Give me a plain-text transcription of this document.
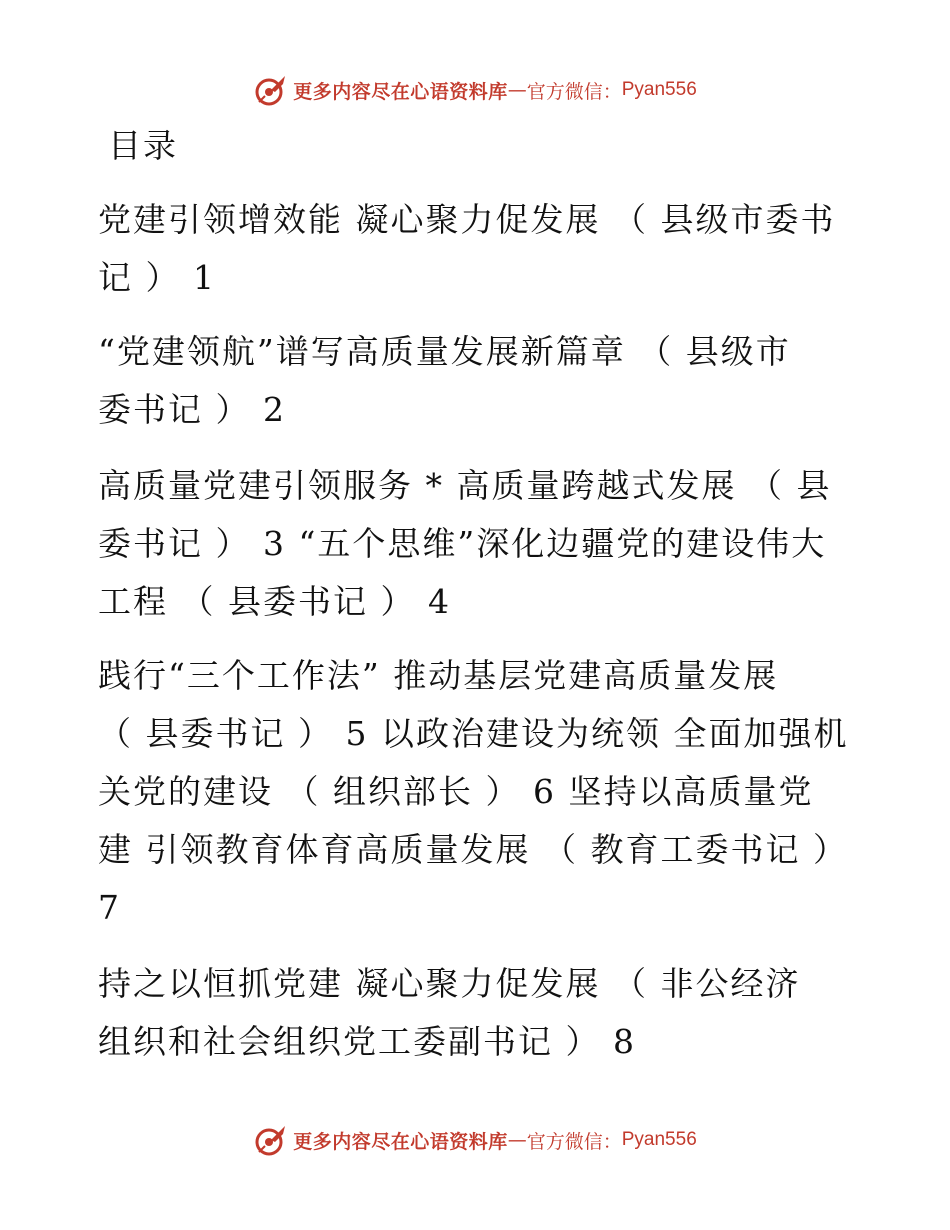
更多内容尽在心语资料库 — 官方微信： Pyan556
目录
党建引领增效能 凝心聚力促发展 （ 县级市委书
记 ） 1
“党建领航”谱写高质量发展新篇章 （ 县级市
委书记 ） 2
高质量党建引领服务 * 高质量跨越式发展 （ 县
委书记 ） 3 “五个思维”深化边疆党的建设伟大
工程 （ 县委书记 ） 4
践行“三个工作法” 推动基层党建高质量发展
（ 县委书记 ） 5 以政治建设为统领 全面加强机
关党的建设 （ 组织部长 ） 6 坚持以高质量党
建 引领教育体育高质量发展 （ 教育工委书记 ）
7
持之以恒抓党建 凝心聚力促发展 （ 非公经济
组织和社会组织党工委副书记 ） 8
更多内容尽在心语资料库 — 官方微信： Pyan556
